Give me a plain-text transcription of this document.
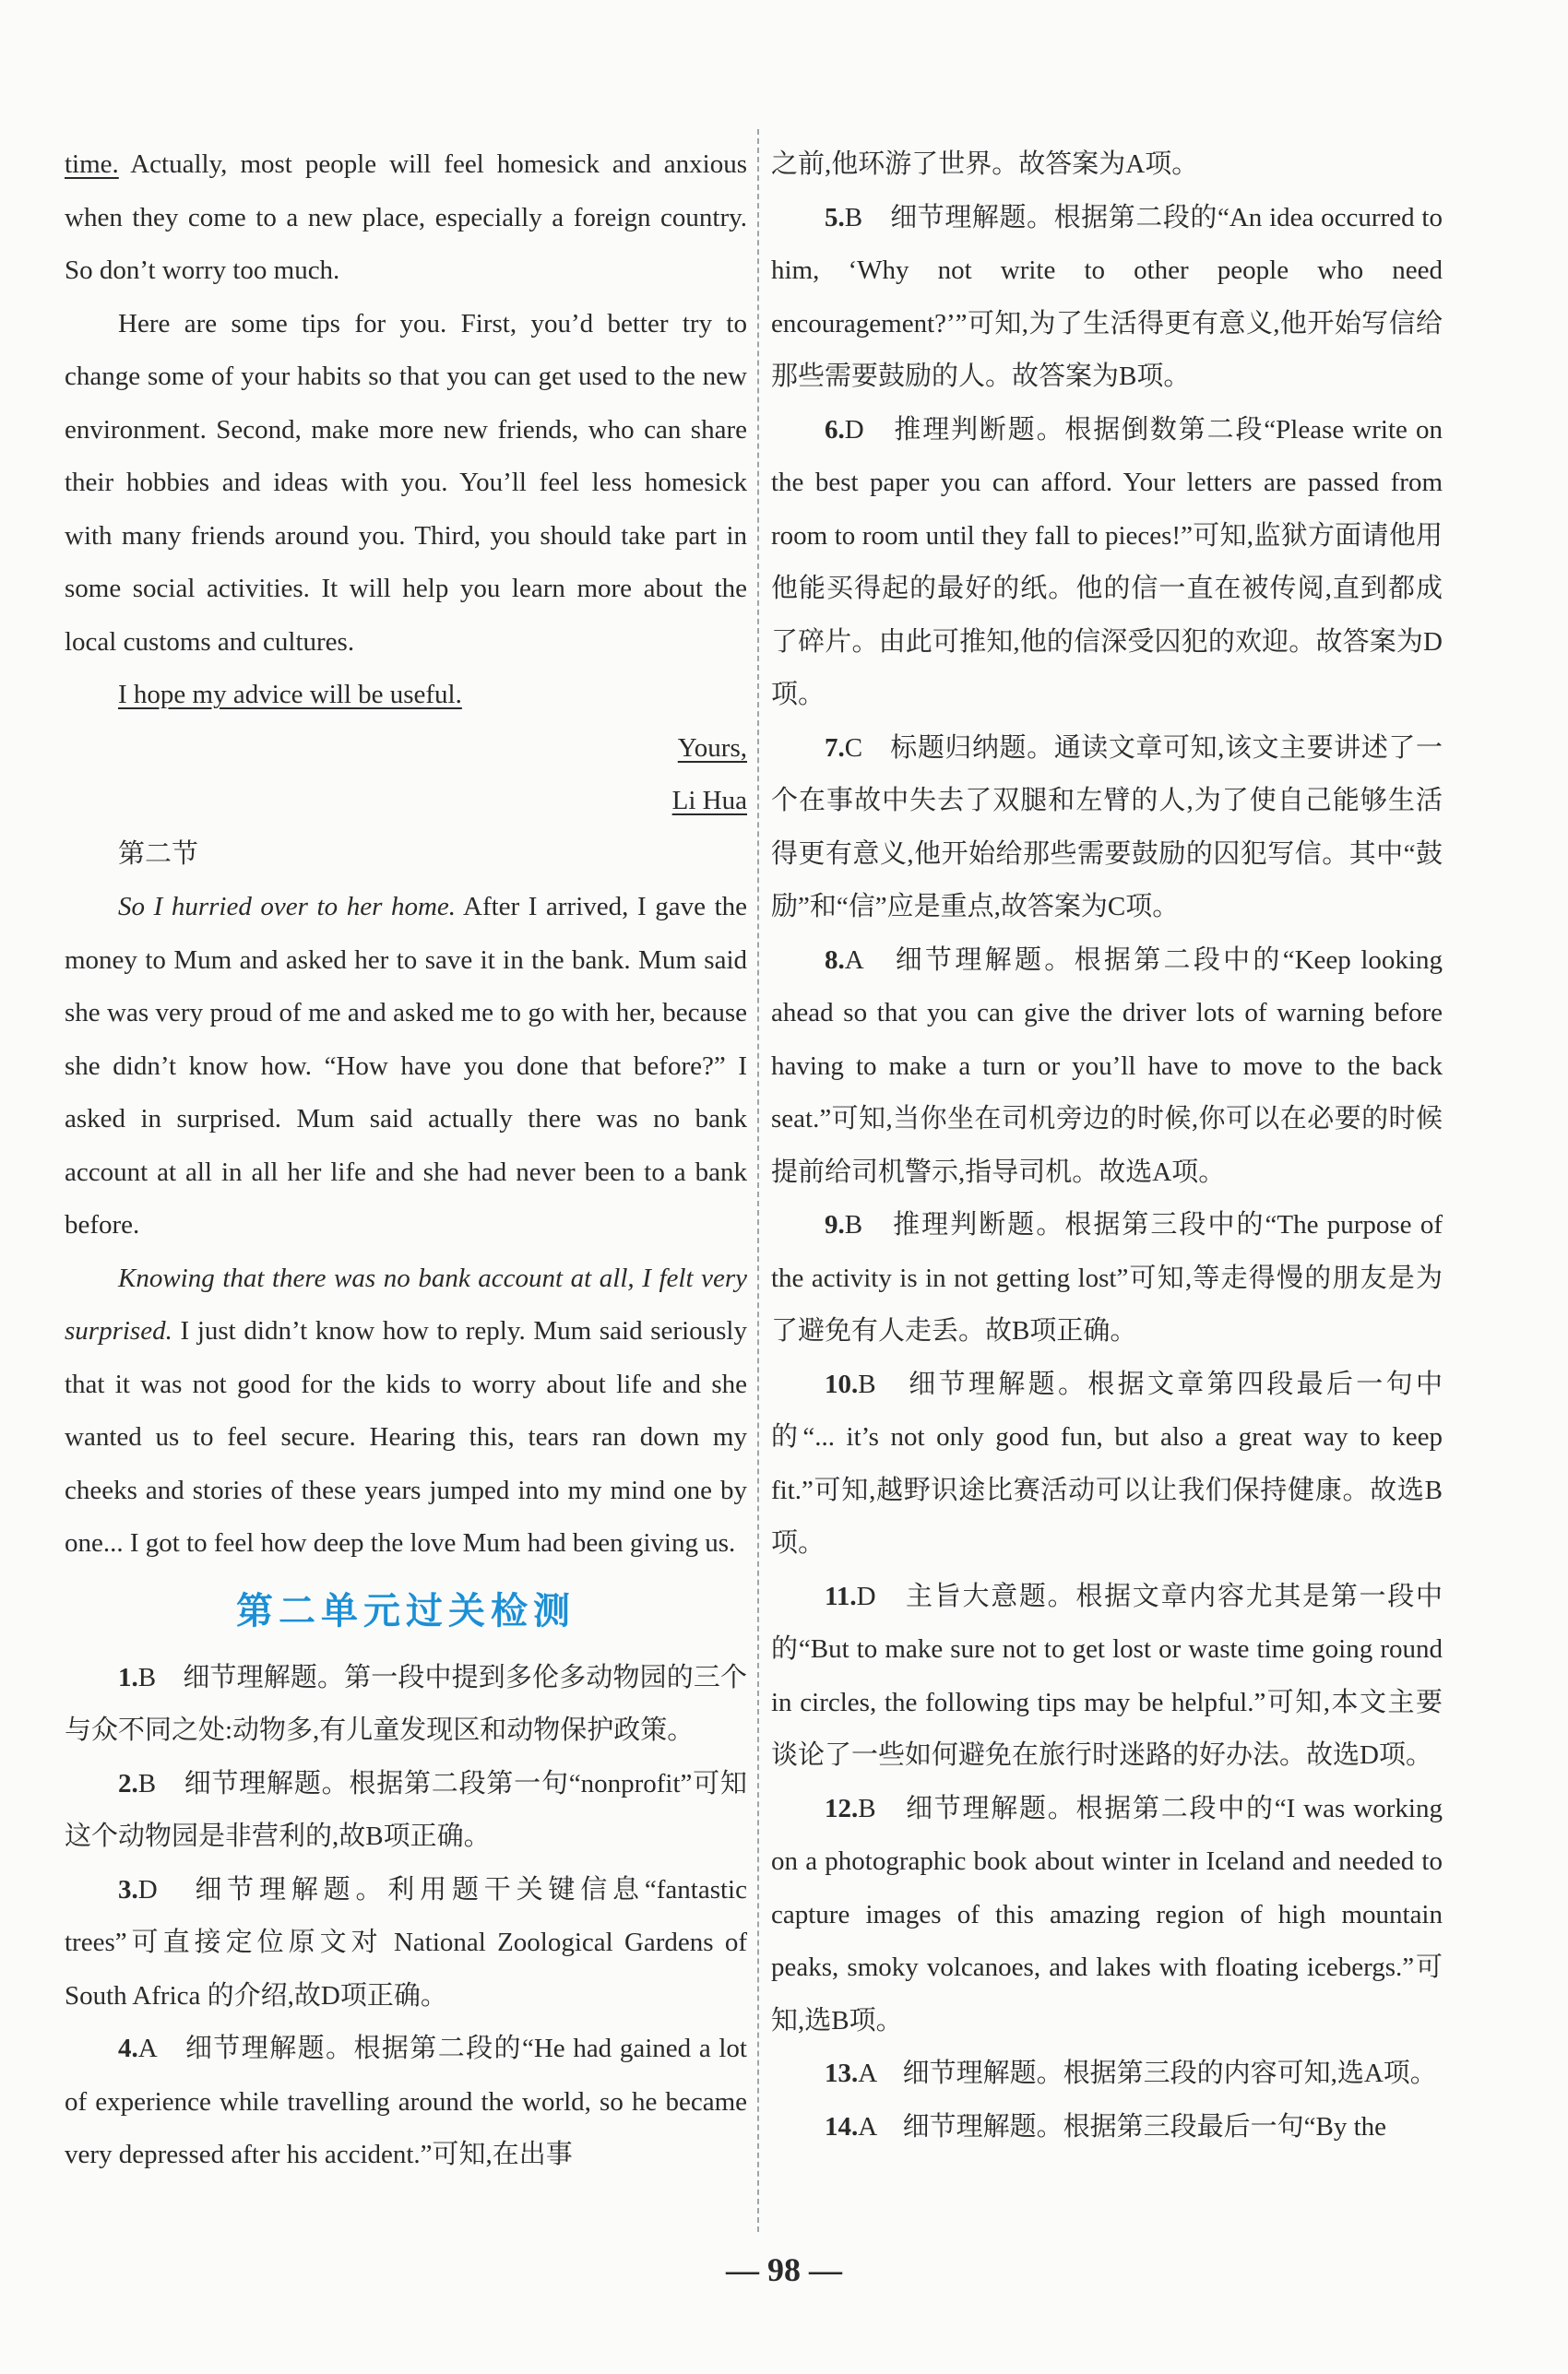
time. Actually, most people will feel homesick and anxious when they come to a new place, especially a foreign country. So don’t worry too much.

Here are some tips for you. First, you’d better try to change some of your habits so that you can get used to the new environment. Second, make more new friends, who can share their hobbies and ideas with you. You’ll feel less homesick with many friends around you. Third, you should take part in some social activities. It will help you learn more about the local customs and cultures.

I hope my advice will be useful.

Yours,

Li Hua

第二节

So I hurried over to her home. After I arrived, I gave the money to Mum and asked her to save it in the bank. Mum said she was very proud of me and asked me to go with her, because she didn’t know how. “How have you done that before?” I asked in surprised. Mum said actually there was no bank account at all in all her life and she had never been to a bank before.

Knowing that there was no bank account at all, I felt very surprised. I just didn’t know how to reply. Mum said seriously that it was not good for the kids to worry about life and she wanted us to feel secure. Hearing this, tears ran down my cheeks and stories of these years jumped into my mind one by one... I got to feel how deep the love Mum had been giving us.

第二单元过关检测

1.B　 细节理解题。第一段中提到多伦多动物园的三个与众不同之处:动物多,有儿童发现区和动物保护政策。

2.B　 细节理解题。根据第二段第一句“nonprofit”可知这个动物园是非营利的,故B项正确。

3.D　 细节理解题。利用题干关键信息“fantastic trees”可直接定位原文对 National Zoological Gardens of South Africa 的介绍,故D项正确。

4.A　 细节理解题。根据第二段的“He had gained a lot of experience while travelling around the world, so he became very depressed after his accident.”可知,在出事

之前,他环游了世界。故答案为A项。

5.B　 细节理解题。根据第二段的“An idea occurred to him, ‘Why not write to other people who need encouragement?’”可知,为了生活得更有意义,他开始写信给那些需要鼓励的人。故答案为B项。

6.D　 推理判断题。根据倒数第二段“Please write on the best paper you can afford. Your letters are passed from room to room until they fall to pieces!”可知,监狱方面请他用他能买得起的最好的纸。他的信一直在被传阅,直到都成了碎片。由此可推知,他的信深受囚犯的欢迎。故答案为D项。

7.C　 标题归纳题。通读文章可知,该文主要讲述了一个在事故中失去了双腿和左臂的人,为了使自己能够生活得更有意义,他开始给那些需要鼓励的囚犯写信。其中“鼓励”和“信”应是重点,故答案为C项。

8.A　 细节理解题。根据第二段中的“Keep looking ahead so that you can give the driver lots of warning before having to make a turn or you’ll have to move to the back seat.”可知,当你坐在司机旁边的时候,你可以在必要的时候提前给司机警示,指导司机。故选A项。

9.B　 推理判断题。根据第三段中的“The purpose of the activity is in not getting lost”可知,等走得慢的朋友是为了避免有人走丢。故B项正确。

10.B　 细节理解题。根据文章第四段最后一句中的“... it’s not only good fun, but also a great way to keep fit.”可知,越野识途比赛活动可以让我们保持健康。故选B项。

11.D　 主旨大意题。根据文章内容尤其是第一段中的“But to make sure not to get lost or waste time going round in circles, the following tips may be helpful.”可知,本文主要谈论了一些如何避免在旅行时迷路的好办法。故选D项。

12.B　 细节理解题。根据第二段中的“I was working on a photographic book about winter in Iceland and needed to capture images of this amazing region of high mountain peaks, smoky volcanoes, and lakes with floating icebergs.”可知,选B项。

13.A　 细节理解题。根据第三段的内容可知,选A项。

14.A　 细节理解题。根据第三段最后一句“By the

— 98 —
